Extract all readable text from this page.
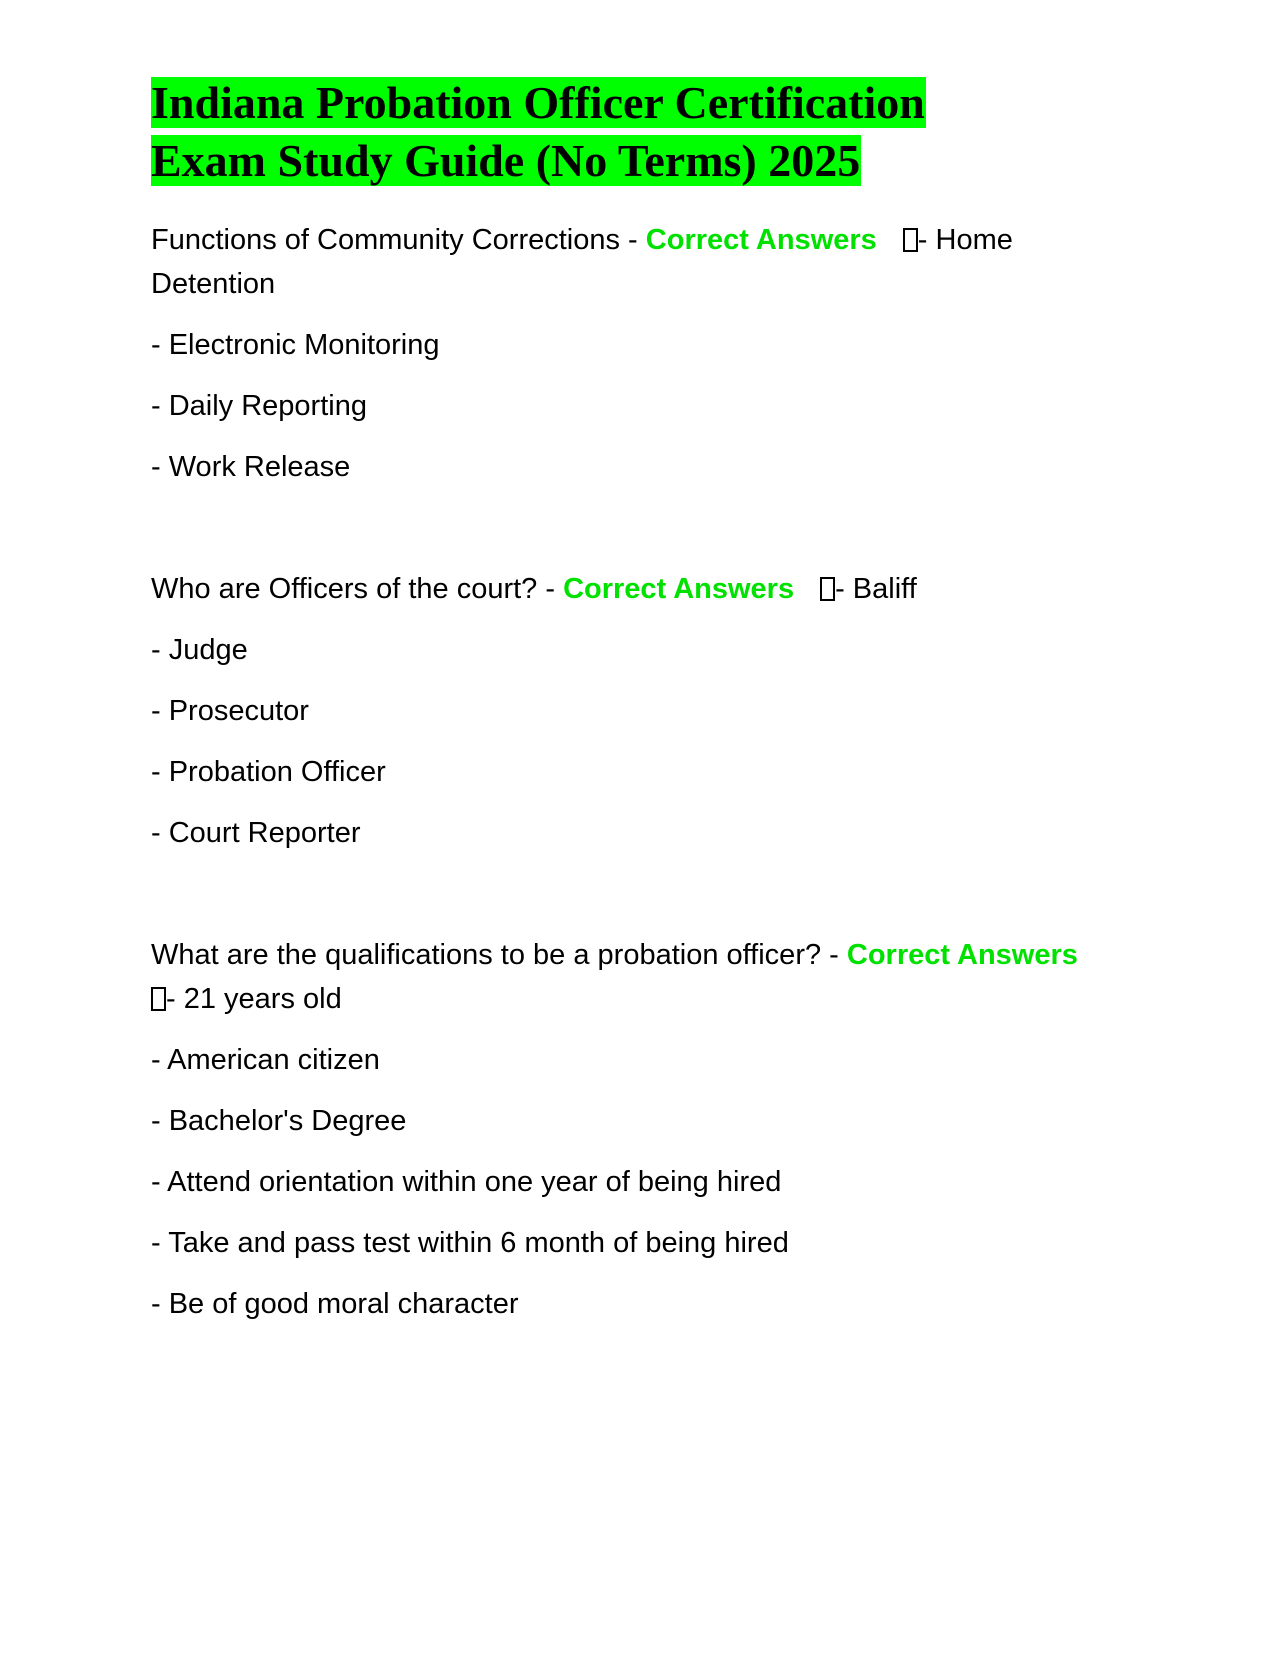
Indiana Probation Officer Certification
Exam Study Guide (No Terms) 2025

Functions of Community Corrections - Correct Answers - Home
Detention

- Electronic Monitoring

- Daily Reporting

- Work Release

Who are Officers of the court? - Correct Answers - Baliff

- Judge

- Prosecutor

- Probation Officer

- Court Reporter

What are the qualifications to be a probation officer? - Correct Answers
- 21 years old

- American citizen

- Bachelor's Degree

- Attend orientation within one year of being hired

- Take and pass test within 6 month of being hired

- Be of good moral character
